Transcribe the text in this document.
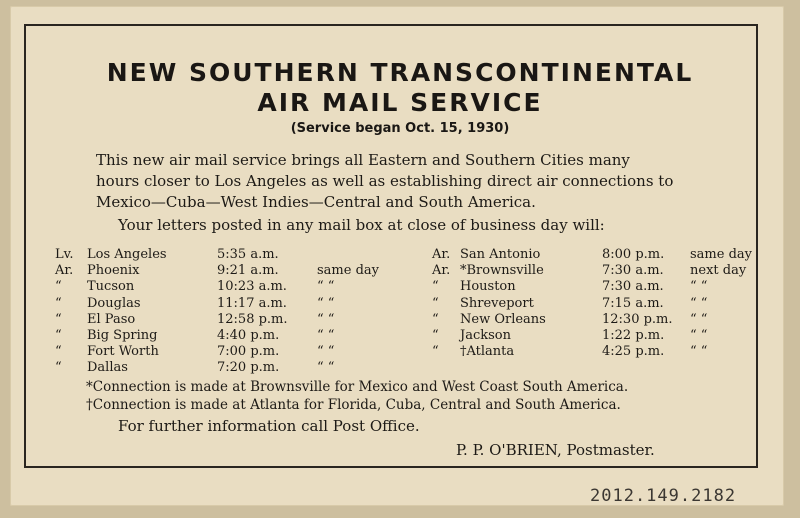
NEW SOUTHERN TRANSCONTINENTAL
AIR MAIL SERVICE
(Service began Oct. 15, 1930)
This new air mail service brings all Eastern and Southern Cities many
hours closer to Los Angeles as well as establishing direct air connections to
Mexico—Cuba—West Indies—Central and South America.
Your letters posted in any mail box at close of business day will:
Lv. Los Angeles	5:35 a.m.
Ar. Phoenix	9:21 a.m.	same day
“ Tucson	10:23 a.m. “ “
“ Douglas	11:17 a.m. “ “
“ El Paso	12:58 p.m. “ “
“ Big Spring	4:40 p.m.	“ “
“ Fort Worth	7:00 p.m.	“ “
“ Dallas	7:20 p.m.	“ “
Ar. San Antonio	8:00 p.m. same day
Ar. *Brownsville	7:30 a.m. next day
“ Houston	7:30 a.m. “ “
“ Shreveport	7:15 a.m. “ “
“ New Orleans	12:30 p.m. “ “
“ Jackson	1:22 p.m. “ “
“ †Atlanta	4:25 p.m. “ “
*Connection is made at Brownsville for Mexico and West Coast South America.
†Connection is made at Atlanta for Florida, Cuba, Central and South America.
For further information call Post Office.
P. P. O'BRIEN, Postmaster.
2012.149.2182
